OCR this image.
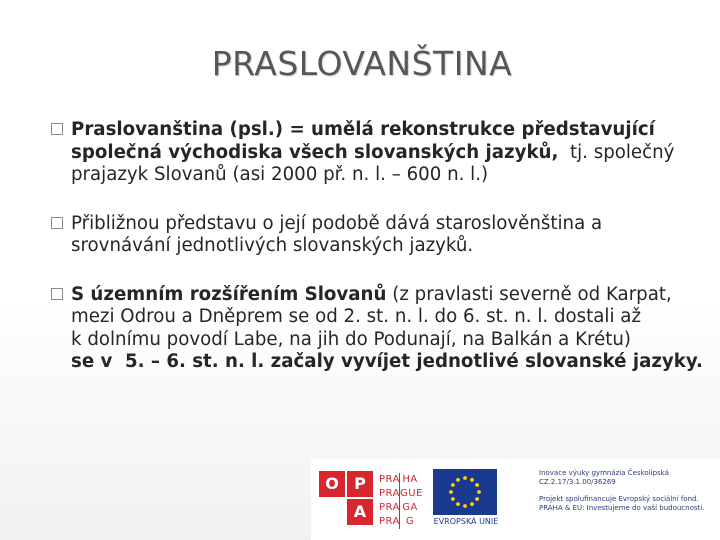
PRASLOVANŠTINA
Praslovanština (psl.) = umělá rekonstrukce představující
společná východiska všech slovanských jazyků,  tj. společný
prajazyk Slovanů (asi 2000 př. n. l. – 600 n. l.)
Přibližnou představu o její podobě dává staroslověnština a
srovnávání jednotlivých slovanských jazyků.
S územním rozšířením Slovanů (z pravlasti severně od Karpat,
mezi Odrou a Dněprem se od 2. st. n. l. do 6. st. n. l. dostali až
k dolnímu povodí Labe, na jih do Podunají, na Balkán a Krétu)
se v  5. – 6. st. n. l. začaly vyvíjet jednotlivé slovanské jazyky.
O P
P A
PRA HA
PRAGUE
PRA GA
PRA G	EVROPSKÁ UNIE
Inovace výuky gymnázia Českolipská
CZ.2.17/3.1.00/36269
Projekt spolufinancuje Evropský sociální fond.
PRAHA & EU: Investujeme do vaší budoucnosti.
